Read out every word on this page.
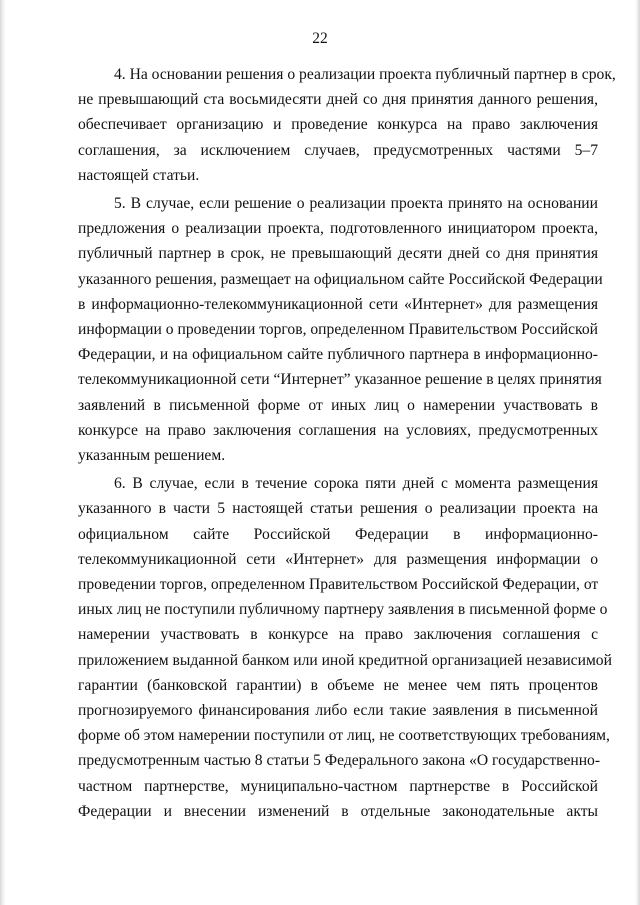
22

4. На основании решения о реализации проекта публичный партнер в срок,
не превышающий ста восьмидесяти дней со дня принятия данного решения,
обеспечивает организацию и проведение конкурса на право заключения
соглашения, за исключением случаев, предусмотренных частями 5–7
настоящей статьи.

5. В случае, если решение о реализации проекта принято на основании
предложения о реализации проекта, подготовленного инициатором проекта,
публичный партнер в срок, не превышающий десяти дней со дня принятия
указанного решения, размещает на официальном сайте Российской Федерации
в информационно-телекоммуникационной сети «Интернет» для размещения
информации о проведении торгов, определенном Правительством Российской
Федерации, и на официальном сайте публичного партнера в информационно-
телекоммуникационной сети “Интернет” указанное решение в целях принятия
заявлений в письменной форме от иных лиц о намерении участвовать в
конкурсе на право заключения соглашения на условиях, предусмотренных
указанным решением.

6. В случае, если в течение сорока пяти дней с момента размещения
указанного в части 5 настоящей статьи решения о реализации проекта на
официальном сайте Российской Федерации в информационно-
телекоммуникационной сети «Интернет» для размещения информации о
проведении торгов, определенном Правительством Российской Федерации, от
иных лиц не поступили публичному партнеру заявления в письменной форме о
намерении участвовать в конкурсе на право заключения соглашения с
приложением выданной банком или иной кредитной организацией независимой
гарантии (банковской гарантии) в объеме не менее чем пять процентов
прогнозируемого финансирования либо если такие заявления в письменной
форме об этом намерении поступили от лиц, не соответствующих требованиям,
предусмотренным частью 8 статьи 5 Федерального закона «О государственно-
частном партнерстве, муниципально-частном партнерстве в Российской
Федерации и внесении изменений в отдельные законодательные акты
